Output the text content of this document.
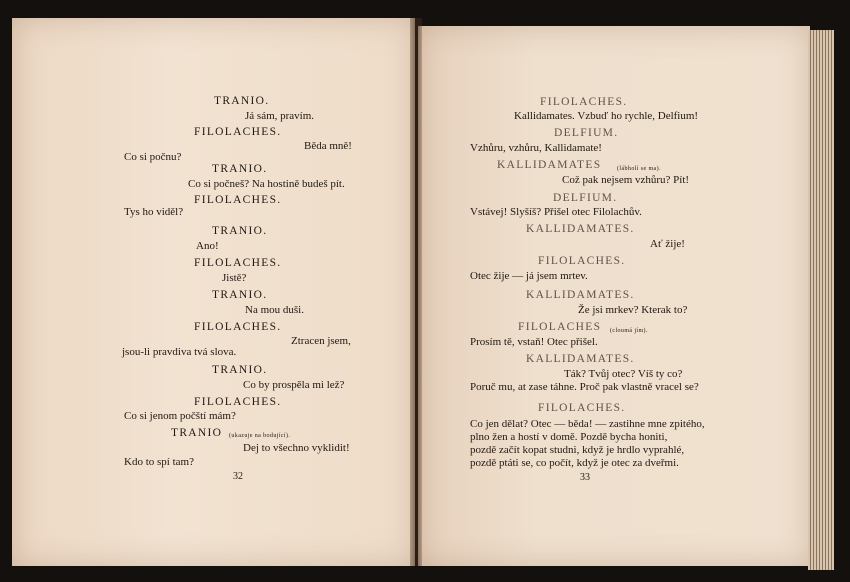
TRANIO.
Já sám, pravím.
FILOLACHES.
Běda mně!
Co si počnu?
TRANIO.
Co si počneš? Na hostině budeš pít.
FILOLACHES.
Tys ho viděl?
TRANIO.
Ano!
FILOLACHES.
Jistě?
TRANIO.
Na mou duši.
FILOLACHES.
Ztracen jsem,
jsou-li pravdiva tvá slova.
TRANIO.
Co by prospěla mi lež?
FILOLACHES.
Co si jenom počští mám?
TRANIO (ukazuje na bodující).
Dej to všechno vyklidit!
Kdo to spí tam?
32
FILOLACHES.
Kallidamates. Vzbuď ho rychle, Delfium!
DELFIUM.
Vzhůru, vzhůru, Kallidamate!
KALLIDAMATES	(lábholí se ma).
Což pak nejsem vzhůru? Pít!
DELFIUM.
Vstávej! Slyšíš? Přišel otec Filolachův.
KALLIDAMATES.
Ať žije!
FILOLACHES.
Otec žije — já jsem mrtev.
KALLIDAMATES.
Že jsi mrkev? Kterak to?
FILOLACHES (cloumá jím).
Prosím tě, vstaň! Otec přišel.
KALLIDAMATES.
Ták? Tvůj otec? Víš ty co?
Poruč mu, at zase táhne. Proč pak vlastně vracel se?
FILOLACHES.
Co jen dělat? Otec — běda! — zastihne mne zpitého,
plno žen a hostí v domě. Pozdě bycha honiti,
pozdě začít kopat studni, když je hrdlo vyprahlé,
pozdě ptáti se, co počít, když je otec za dveřmi.
33
